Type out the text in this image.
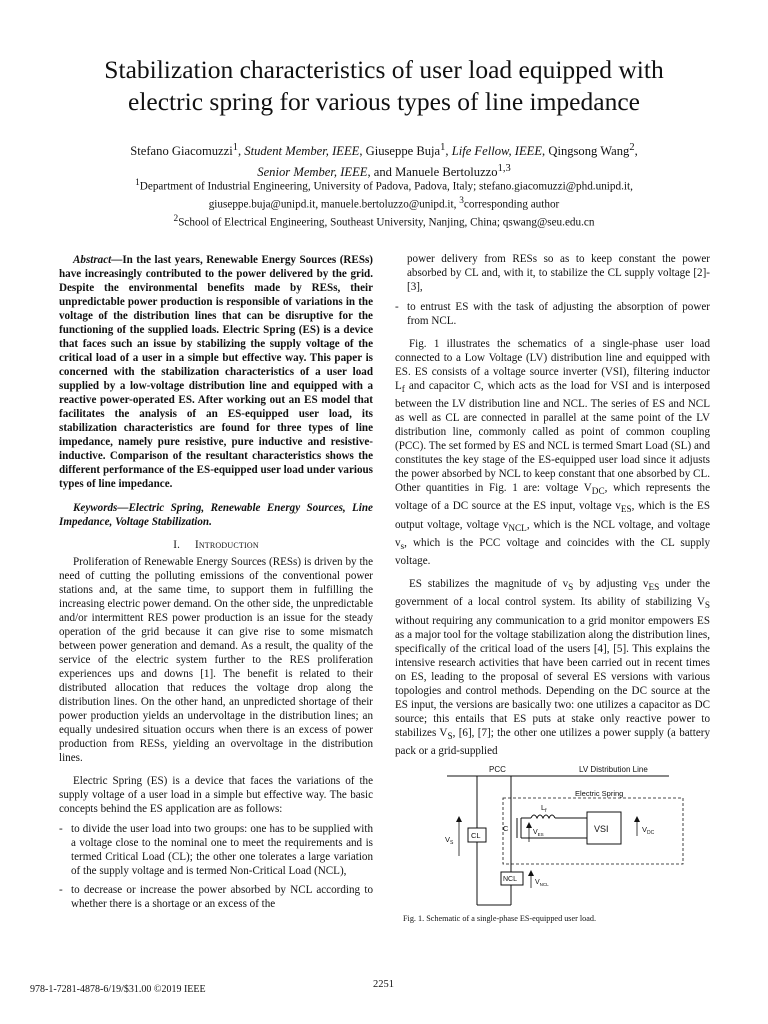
Stabilization characteristics of user load equipped with
electric spring for various types of line impedance
Stefano Giacomuzzi$^1$, Student Member, IEEE, Giuseppe Buja$^1$, Life Fellow, IEEE, Qingsong Wang$^2$,
Senior Member, IEEE, and Manuele Bertoluzzo$^{1,3}$
$^1$Department of Industrial Engineering, University of Padova, Padova, Italy; stefano.giacomuzzi@phd.unipd.it,
giuseppe.buja@unipd.it, manuele.bertoluzzo@unipd.it, $^3$corresponding author
$^2$School of Electrical Engineering, Southeast University, Nanjing, China; qswang@seu.edu.cn

Abstract—In the last years, Renewable Energy Sources (RESs) have increasingly contributed to the power delivered by the grid. Despite the environmental benefits made by RESs, their unpredictable power production is responsible of variations in the voltage of the distribution lines that can be disruptive for the functioning of the supplied loads. Electric Spring (ES) is a device that faces such an issue by stabilizing the supply voltage of the critical load of a user in a simple but effective way. This paper is concerned with the stabilization characteristics of a user load supplied by a low-voltage distribution line and equipped with a reactive power-operated ES. After working out an ES model that facilitates the analysis of an ES-equipped user load, its stabilization characteristics are found for three types of line impedance, namely pure resistive, pure inductive and resistive-inductive. Comparison of the resultant characteristics shows the different performance of the ES-equipped user load under various types of line impedance.

Keywords—Electric Spring, Renewable Energy Sources, Line Impedance, Voltage Stabilization.

I. Introduction

Proliferation of Renewable Energy Sources (RESs) is driven by the need of cutting the polluting emissions of the conventional power stations and, at the same time, to support them in fulfilling the increasing electric power demand. On the other side, the unpredictable and/or intermittent RES power production is an issue for the steady operation of the grid because it can give rise to some mismatch between power generation and demand. As a result, the quality of the service of the electric system further to the RES proliferation experiences ups and downs [1]. The benefit is related to their distributed allocation that reduces the voltage drop along the distribution lines. On the other hand, an unpredicted shortage of their power production yields an undervoltage in the distribution lines; an equally undesired situation occurs when there is an excess of power production from RESs, yielding an overvoltage in the distribution lines.

Electric Spring (ES) is a device that faces the variations of the supply voltage of a user load in a simple but effective way. The basic concepts behind the ES application are as follows:

- to divide the user load into two groups: one has to be supplied with a voltage close to the nominal one to meet the requirements and is termed Critical Load (CL); the other one tolerates a large variation of the supply voltage and is termed Non-Critical Load (NCL),
- to decrease or increase the power absorbed by NCL according to whether there is a shortage or an excess of the
power delivery from RESs so as to keep constant the power absorbed by CL and, with it, to stabilize the CL supply voltage [2]-[3],
- to entrust ES with the task of adjusting the absorption of power from NCL.

Fig. 1 illustrates the schematics of a single-phase user load connected to a Low Voltage (LV) distribution line and equipped with ES. ES consists of a voltage source inverter (VSI), filtering inductor $L_f$ and capacitor C, which acts as the load for VSI and is interposed between the LV distribution line and NCL. The series of ES and NCL as well as CL are connected in parallel at the same point of the LV distribution line, commonly called as point of common coupling (PCC). The set formed by ES and NCL is termed Smart Load (SL) and constitutes the key stage of the ES-equipped user load since it adjusts the power absorbed by NCL to keep constant that one absorbed by CL. Other quantities in Fig. 1 are: voltage $V_{DC}$, which represents the voltage of a DC source at the ES input, voltage $v_{ES}$, which is the ES output voltage, voltage $v_{NCL}$, which is the NCL voltage, and voltage $v_s$, which is the PCC voltage and coincides with the CL supply voltage.

ES stabilizes the magnitude of $v_S$ by adjusting $v_{ES}$ under the government of a local control system. Its ability of stabilizing $V_S$ without requiring any communication to a grid monitor empowers ES as a major tool for the voltage stabilization along the distribution lines, specifically of the critical load of the users [4], [5]. This explains the intensive research activities that have been carried out in recent times on ES, leading to the proposal of several ES versions with various topologies and control methods. Depending on the DC source at the ES input, the versions are basically two: one utilizes a capacitor as DC source; this entails that ES puts at stake only reactive power to stabilizes $V_S$, [6], [7]; the other one utilizes a power supply (a battery pack or a grid-supplied

PCC	LV Distribution Line
CL
$V_S$
Electric Spring
C
$L_f$
$V_{ES}$
VSI	$V_{DC}$
NCL	$V_{NCL}$
Fig. 1. Schematic of a single-phase ES-equipped user load.
978-1-7281-4878-6/19/$31.00 ©2019 IEEE	2251
